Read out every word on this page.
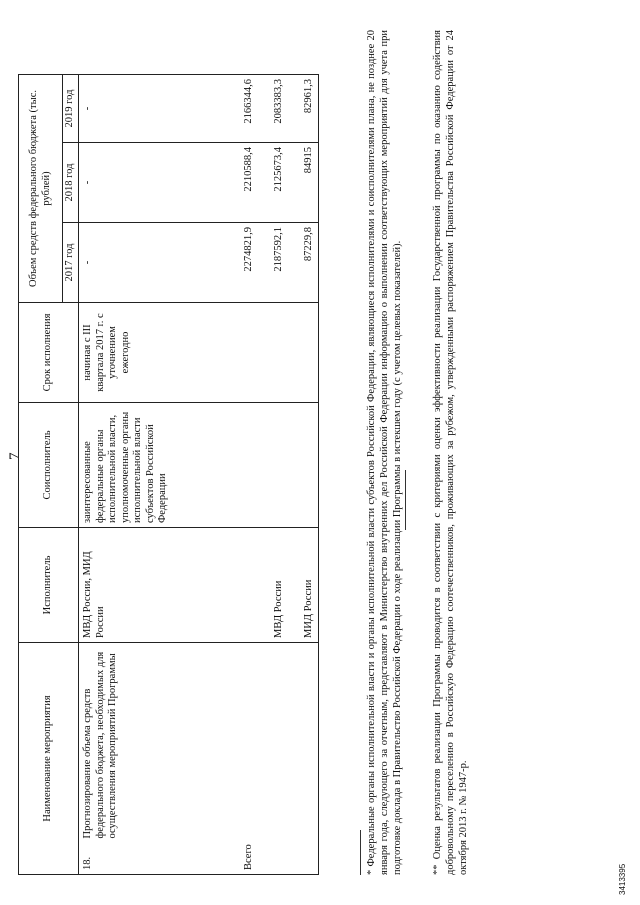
7
Наименование мероприятия		Исполнитель	Соисполнитель	Срок исполнения	Объем средств федерального бюджета (тыс. рублей)		
					2017 год	2018 год	2019 год
18.	Прогнозирование объема средств федерального бюджета, необходимых для осуществления мероприятий Программы	МВД России, МИД России	заинтересованные федеральные органы исполнительной власти, уполномоченные органы исполнительной власти субъектов Российской Федерации	начиная с III квартала 2017 г. с уточнением ежегодно	-	-	-
Всего					2274821,9	2210588,4	2166344,6
		МВД России			2187592,1	2125673,4	2083383,3
		МИД России			87229,8	84915	82961,3	* Федеральные органы исполнительной власти и органы исполнительной власти субъектов Российской Федерации, являющиеся исполнителями и соисполнителями плана, не позднее 20 января года, следующего за отчетным, представляют в Министерство внутренних дел Российской Федерации информацию о выполнении соответствующих мероприятий для учета при подготовке доклада в Правительство Российской Федерации о ходе реализации Программы в истекшем году (с учетом целевых показателей).	** Оценка результатов реализации Программы проводится в соответствии с критериями оценки эффективности реализации Государственной программы по оказанию содействия добровольному переселению в Российскую Федерацию соотечественников, проживающих за рубежом, утвержденными распоряжением Правительства Российской Федерации от 24 октября 2013 г. № 1947-р.
3413395
